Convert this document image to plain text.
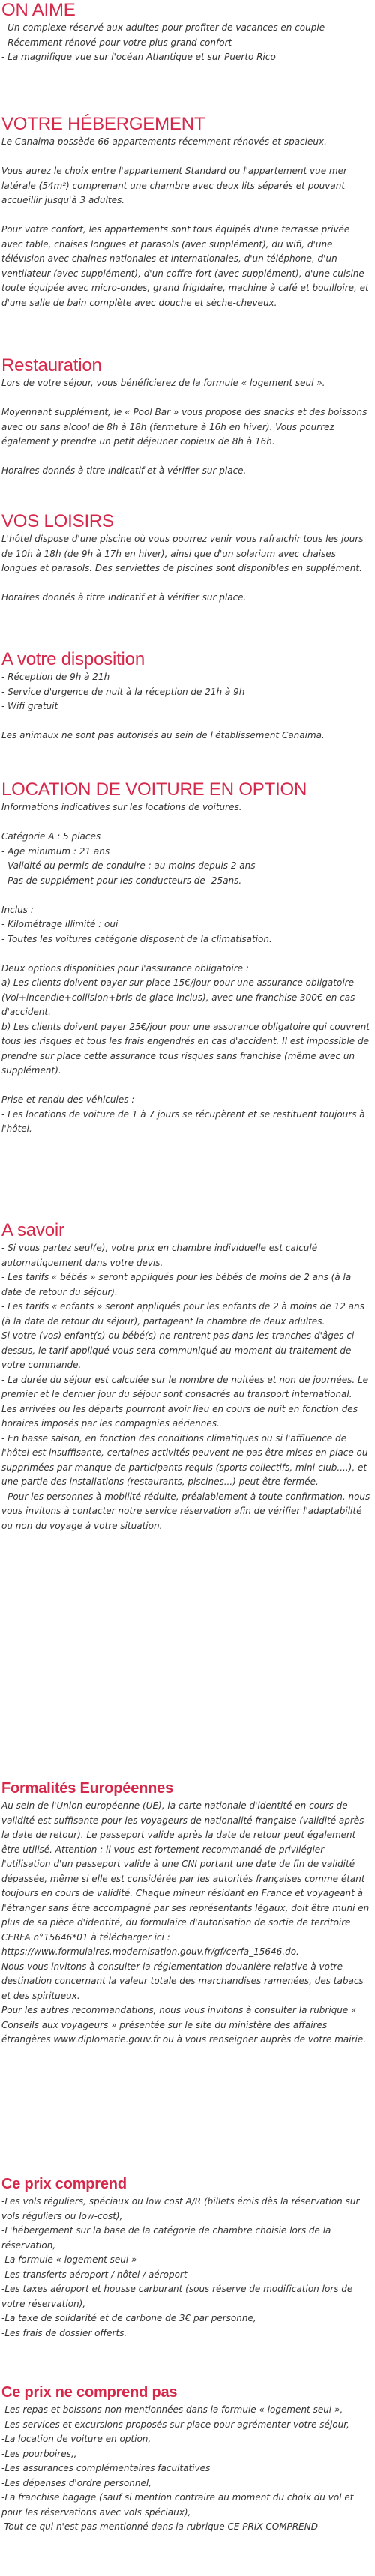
ON AIME

- Un complexe réservé aux adultes pour profiter de vacances en couple

- Récemment rénové pour votre plus grand confort

- La magnifique vue sur l'océan Atlantique et sur Puerto Rico

VOTRE HÉBERGEMENT

Le Canaima possède 66 appartements récemment rénovés et spacieux.

Vous aurez le choix entre l'appartement Standard ou l'appartement vue mer latérale (54m²) comprenant une chambre avec deux lits séparés et pouvant accueillir jusqu'à 3 adultes.

Pour votre confort, les appartements sont tous équipés d'une terrasse privée avec table, chaises longues et parasols (avec supplément), du wifi, d'une télévision avec chaines nationales et internationales, d'un téléphone, d'un ventilateur (avec supplément), d'un coffre-fort (avec supplément), d'une cuisine toute équipée avec micro-ondes, grand frigidaire, machine à café et bouilloire, et d'une salle de bain complète avec douche et sèche-cheveux.

Restauration

Lors de votre séjour, vous bénéficierez de la formule « logement seul ».

Moyennant supplément, le « Pool Bar » vous propose des snacks et des boissons avec ou sans alcool de 8h à 18h (fermeture à 16h en hiver). Vous pourrez également y prendre un petit déjeuner copieux de 8h à 16h.

Horaires donnés à titre indicatif et à vérifier sur place.

VOS LOISIRS

L'hôtel dispose d'une piscine où vous pourrez venir vous rafraichir tous les jours de 10h à 18h (de 9h à 17h en hiver), ainsi que d'un solarium avec chaises longues et parasols. Des serviettes de piscines sont disponibles en supplément.

Horaires donnés à titre indicatif et à vérifier sur place.

A votre disposition

- Réception de 9h à 21h

- Service d'urgence de nuit à la réception de 21h à 9h

- Wifi gratuit

Les animaux ne sont pas autorisés au sein de l'établissement Canaima.

LOCATION DE VOITURE EN OPTION

Informations indicatives sur les locations de voitures.

Catégorie A : 5 places

- Age minimum : 21 ans

- Validité du permis de conduire : au moins depuis 2 ans

- Pas de supplément pour les conducteurs de -25ans.

Inclus :

- Kilométrage illimité : oui

- Toutes les voitures catégorie disposent de la climatisation.

Deux options disponibles pour l'assurance obligatoire :

a) Les clients doivent payer sur place 15€/jour pour une assurance obligatoire (Vol+incendie+collision+bris de glace inclus), avec une franchise 300€ en cas d'accident.

b) Les clients doivent payer 25€/jour pour une assurance obligatoire qui couvrent tous les risques et tous les frais engendrés en cas d'accident. Il est impossible de prendre sur place cette assurance tous risques sans franchise (même avec un supplément).

Prise et rendu des véhicules :

- Les locations de voiture de 1 à 7 jours se récupèrent et se restituent toujours à l'hôtel.

A savoir

- Si vous partez seul(e), votre prix en chambre individuelle est calculé automatiquement dans votre devis.

- Les tarifs « bébés » seront appliqués pour les bébés de moins de 2 ans (à la date de retour du séjour).

- Les tarifs « enfants » seront appliqués pour les enfants de 2 à moins de 12 ans (à la date de retour du séjour), partageant la chambre de deux adultes.

Si votre (vos) enfant(s) ou bébé(s) ne rentrent pas dans les tranches d'âges ci-dessus, le tarif appliqué vous sera communiqué au moment du traitement de votre commande.

- La durée du séjour est calculée sur le nombre de nuitées et non de journées. Le premier et le dernier jour du séjour sont consacrés au transport international.

Les arrivées ou les départs pourront avoir lieu en cours de nuit en fonction des horaires imposés par les compagnies aériennes.

- En basse saison, en fonction des conditions climatiques ou si l'affluence de l'hôtel est insuffisante, certaines activités peuvent ne pas être mises en place ou supprimées par manque de participants requis (sports collectifs, mini-club....), et une partie des installations (restaurants, piscines...) peut être fermée.

- Pour les personnes à mobilité réduite, préalablement à toute confirmation, nous vous invitons à contacter notre service réservation afin de vérifier l'adaptabilité ou non du voyage à votre situation.

Formalités Européennes

Au sein de l'Union européenne (UE), la carte nationale d'identité en cours de validité est suffisante pour les voyageurs de nationalité française (validité après la date de retour). Le passeport valide après la date de retour peut également être utilisé. Attention : il vous est fortement recommandé de privilégier l'utilisation d'un passeport valide à une CNI portant une date de fin de validité dépassée, même si elle est considérée par les autorités françaises comme étant toujours en cours de validité. Chaque mineur résidant en France et voyageant à l'étranger sans être accompagné par ses représentants légaux, doit être muni en plus de sa pièce d'identité, du formulaire d'autorisation de sortie de territoire CERFA n°15646*01 à télécharger ici : https://www.formulaires.modernisation.gouv.fr/gf/cerfa_15646.do.

Nous vous invitons à consulter la réglementation douanière relative à votre destination concernant la valeur totale des marchandises ramenées, des tabacs et des spiritueux.

Pour les autres recommandations, nous vous invitons à consulter la rubrique « Conseils aux voyageurs » présentée sur le site du ministère des affaires étrangères www.diplomatie.gouv.fr ou à vous renseigner auprès de votre mairie.

Ce prix comprend

-Les vols réguliers, spéciaux ou low cost A/R (billets émis dès la réservation sur vols réguliers ou low-cost),

-L'hébergement sur la base de la catégorie de chambre choisie lors de la réservation,

-La formule « logement seul »

-Les transferts aéroport / hôtel / aéroport

-Les taxes aéroport et housse carburant (sous réserve de modification lors de votre réservation),

-La taxe de solidarité et de carbone de 3€ par personne,

-Les frais de dossier offerts.

Ce prix ne comprend pas

-Les repas et boissons non mentionnées dans la formule « logement seul »,

-Les services et excursions proposés sur place pour agrémenter votre séjour,

-La location de voiture en option,

-Les pourboires,,

-Les assurances complémentaires facultatives

-Les dépenses d'ordre personnel,

-La franchise bagage (sauf si mention contraire au moment du choix du vol et pour les réservations avec vols spéciaux),

-Tout ce qui n'est pas mentionné dans la rubrique CE PRIX COMPREND
